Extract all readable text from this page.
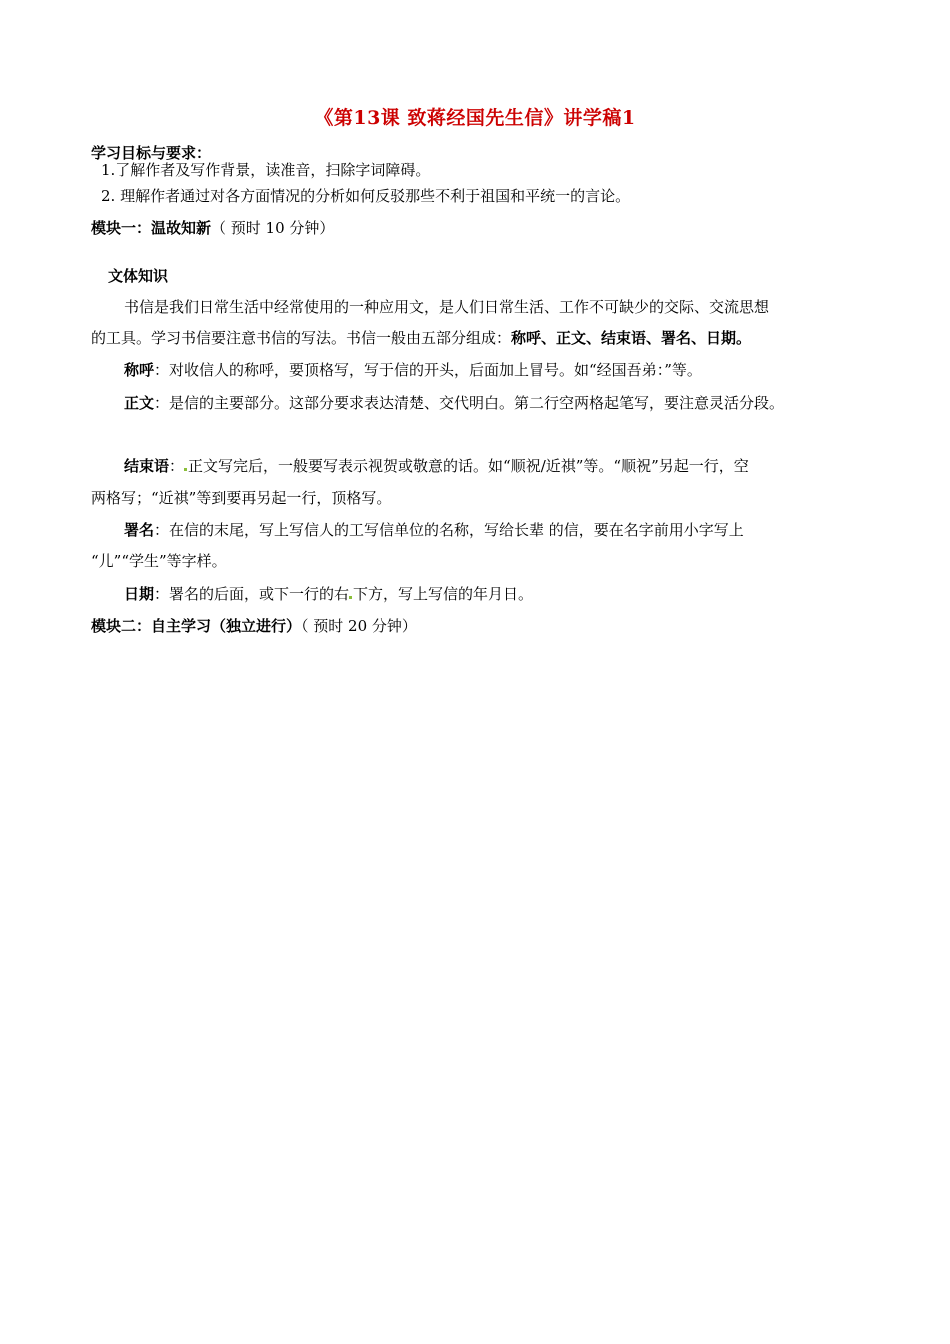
《第13课 致蒋经国先生信》讲学稿1
学习目标与要求：
1.了解作者及写作背景，读准音，扫除字词障碍。
2. 理解作者通过对各方面情况的分析如何反驳那些不利于祖国和平统一的言论。
模块一：温故知新（ 预时 10 分钟）
文体知识
书信是我们日常生活中经常使用的一种应用文，是人们日常生活、工作不可缺少的交际、交流思想
的工具。学习书信要注意书信的写法。书信一般由五部分组成：称呼、正文、结束语、署名、日期。
称呼：对收信人的称呼，要顶格写，写于信的开头，后面加上冒号。如“经国吾弟：”等。
正文：是信的主要部分。这部分要求表达清楚、交代明白。第二行空两格起笔写，要注意灵活分段。
结束语： 正文写完后，一般要写表示视贺或敬意的话。如“顺祝/近祺”等。“顺祝”另起一行，空
两格写；“近祺”等到要再另起一行，顶格写。
署名：在信的末尾，写上写信人的工写信单位的名称，写给长辈 的信，要在名字前用小字写上
“儿”“学生”等字样。
日期：署名的后面，或下一行的右 下方，写上写信的年月日。
模块二：自主学习（独立进行）（ 预时 20 分钟）
